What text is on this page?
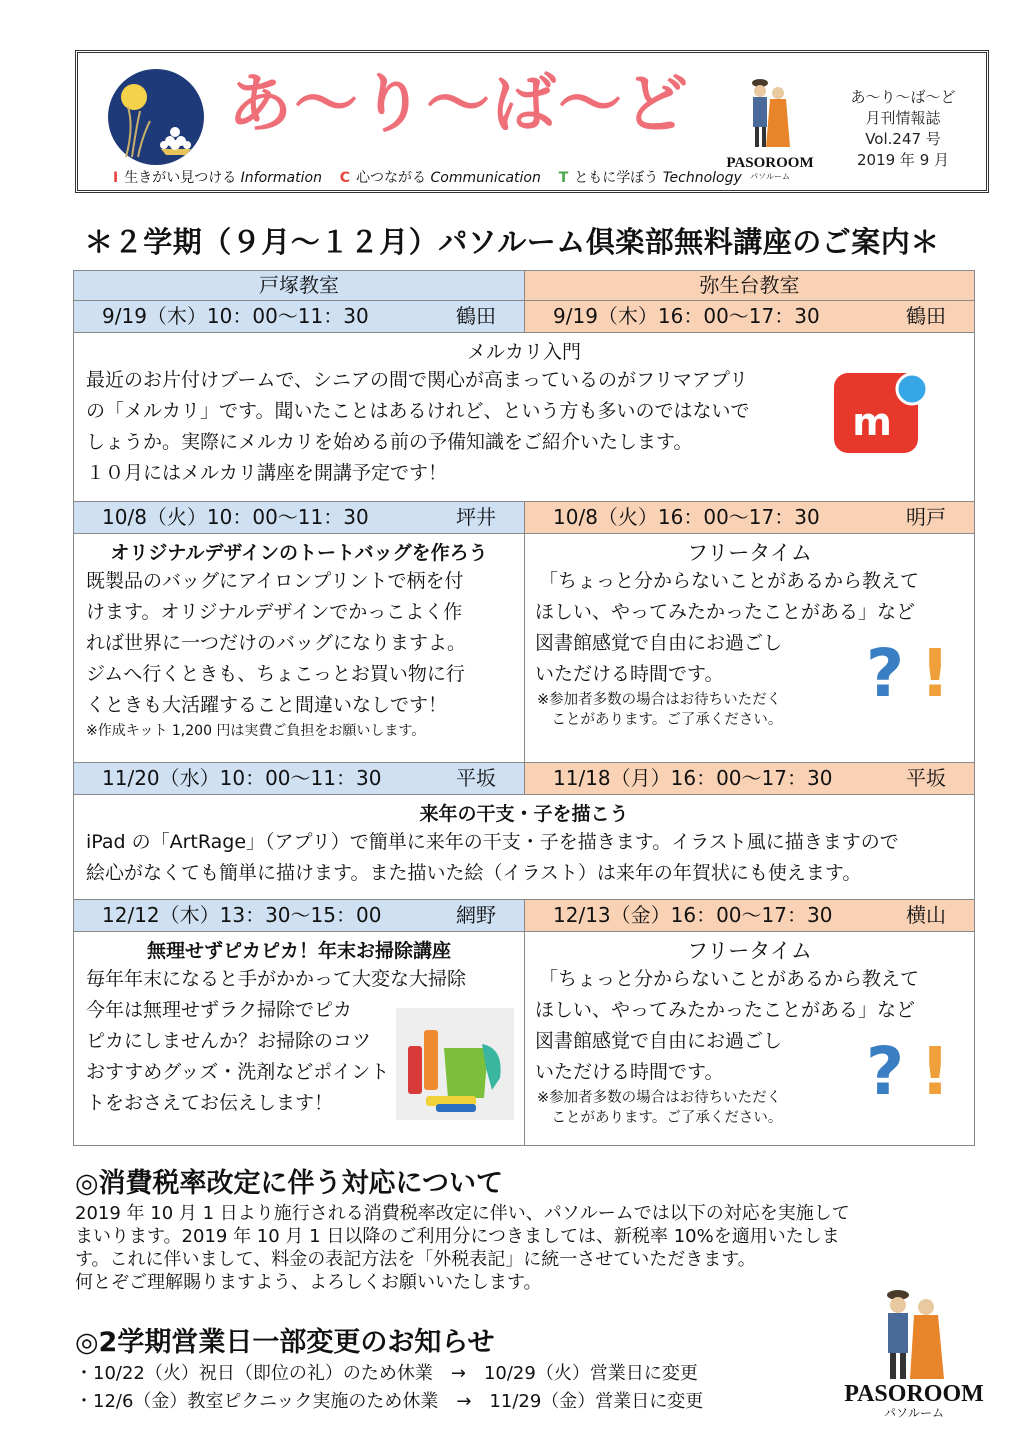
あ〜り〜ば〜ど
PASOROOM
パソルーム
あ〜り〜ば〜ど
月刊情報誌
Vol.247 号
2019 年 9 月
I 生きがい見つける Information C 心つながる Communication T ともに学ぼう Technology
＊２学期（９月〜１２月）パソルーム倶楽部無料講座のご案内＊
戸塚教室	弥生台教室
9/19（木）10：00〜11：30	鶴田	9/19（木）16：00〜17：30	鶴田
メルカリ入門
最近のお片付けブームで、シニアの間で関心が高まっているのがフリマアプリ
の「メルカリ」です。聞いたことはあるけれど、という方も多いのではないで
しょうか。実際にメルカリを始める前の予備知識をご紹介いたします。
１０月にはメルカリ講座を開講予定です！
m
10/8（火）10：00〜11：30	坪井	10/8（火）16：00〜17：30	明戸
オリジナルデザインのトートバッグを作ろう
既製品のバッグにアイロンプリントで柄を付
けます。オリジナルデザインでかっこよく作
れば世界に一つだけのバッグになりますよ。
ジムへ行くときも、ちょこっとお買い物に行
くときも大活躍すること間違いなしです！
※作成キット 1,200 円は実費ご負担をお願いします。
フリータイム
「ちょっと分からないことがあるから教えて
ほしい、やってみたかったことがある」など
図書館感覚で自由にお過ごし
いただける時間です。
※参加者多数の場合はお待ちいただく
　ことがあります。ご了承ください。
? !
11/20（水）10：00〜11：30	平坂	11/18（月）16：00〜17：30	平坂
来年の干支・子を描こう
iPad の「ArtRage」（アプリ）で簡単に来年の干支・子を描きます。イラスト風に描きますので
絵心がなくても簡単に描けます。また描いた絵（イラスト）は来年の年賀状にも使えます。
12/12（木）13：30〜15：00	網野	12/13（金）16：00〜17：30	横山
無理せずピカピカ！年末お掃除講座
毎年年末になると手がかかって大変な大掃除
今年は無理せずラク掃除でピカ
ピカにしませんか？お掃除のコツ
おすすめグッズ・洗剤などポイント
トをおさえてお伝えします！
フリータイム
「ちょっと分からないことがあるから教えて
ほしい、やってみたかったことがある」など
図書館感覚で自由にお過ごし
いただける時間です。
※参加者多数の場合はお待ちいただく
　ことがあります。ご了承ください。
? !
◎消費税率改定に伴う対応について
2019 年 10 月 1 日より施行される消費税率改定に伴い、パソルームでは以下の対応を実施して
まいります。2019 年 10 月 1 日以降のご利用分につきましては、新税率 10%を適用いたしま
す。これに伴いまして、料金の表記方法を「外税表記」に統一させていただきます。
何とぞご理解賜りますよう、よろしくお願いいたします。
◎2学期営業日一部変更のお知らせ
・10/22（火）祝日（即位の礼）のため休業　→　10/29（火）営業日に変更
・12/6（金）教室ピクニック実施のため休業　→　11/29（金）営業日に変更	PASOROOM
パソルーム
